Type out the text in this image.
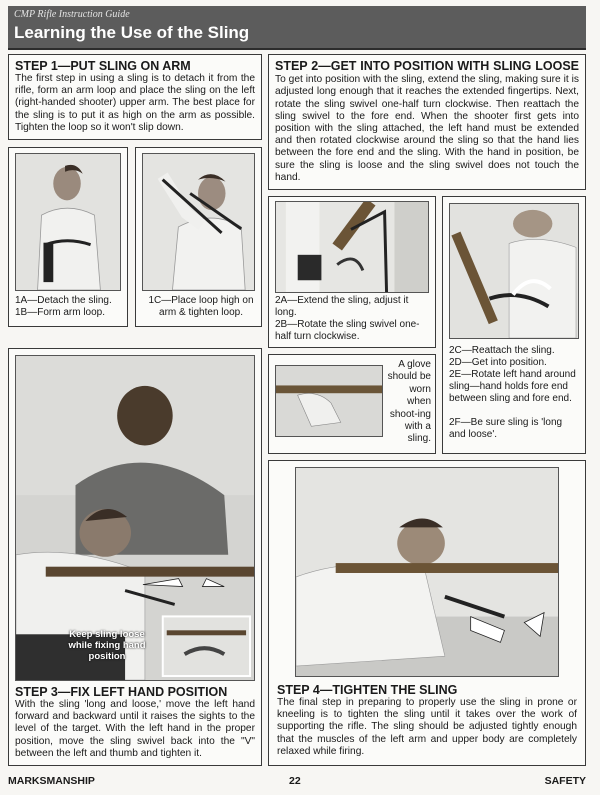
CMP Rifle Instruction Guide
Learning the Use of the Sling
STEP 1—PUT SLING ON ARM
The first step in using a sling is to detach it from the rifle, form an arm loop and place the sling on the left (right-handed shooter) upper arm. The best place for the sling is to put it as high on the arm as possible. Tighten the loop so it won't slip down.
STEP 2—GET INTO POSITION WITH SLING LOOSE To get into position with the sling, extend the sling, making sure it is adjusted long enough that it reaches the extended fingertips. Next, rotate the sling swivel one-half turn clockwise. Then reattach the sling swivel to the fore end. When the shooter first gets into position with the sling attached, the left hand must be extended and then rotated clockwise around the sling so that the hand lies between the fore end and the sling. With the hand in position, be sure the sling is loose and the sling swivel does not touch the hand.
1A—Detach the sling.
1B—Form arm loop.
1C—Place loop high on arm & tighten loop.
2A—Extend the sling, adjust it long.
2B—Rotate the sling swivel one-half turn clockwise.
A glove should be worn when shoot-ing with a sling.
2C—Reattach the sling.
2D—Get into position.
2E—Rotate left hand around sling—hand holds fore end between sling and fore end.
2F—Be sure sling is 'long and loose'.
Keep sling loose while fixing hand position
STEP 3—FIX LEFT HAND POSITION
With the sling 'long and loose,' move the left hand forward and backward until it raises the sights to the level of the target. With the left hand in the proper position, move the sling swivel back into the "V" between the left and thumb and tighten it.
STEP 4—TIGHTEN THE SLING
The final step in preparing to properly use the sling in prone or kneeling is to tighten the sling until it takes over the work of supporting the rifle. The sling should be adjusted tightly enough that the muscles of the left arm and upper body are completely relaxed while firing.
MARKSMANSHIP	22	SAFETY
